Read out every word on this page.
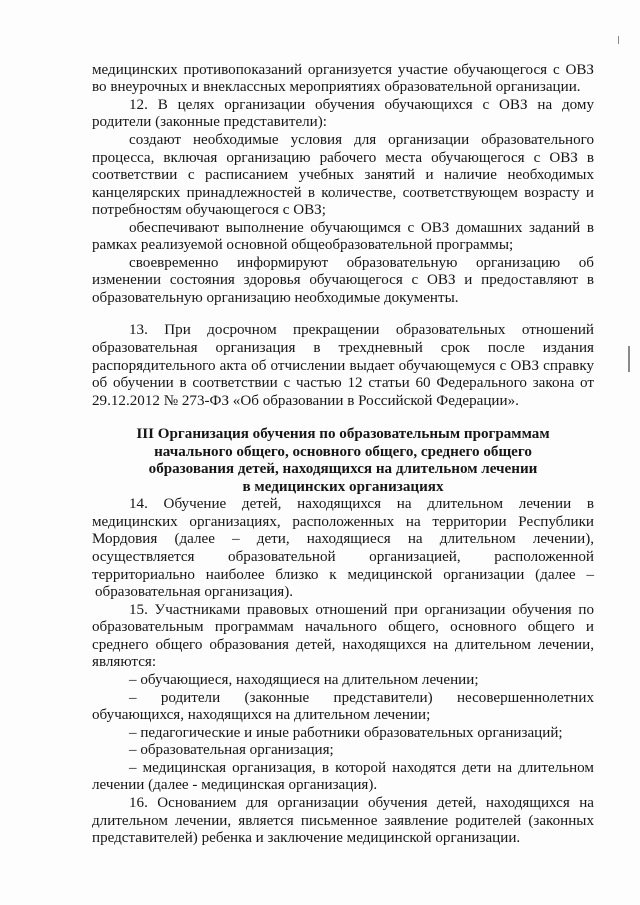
медицинских противопоказаний организуется участие обучающегося с ОВЗ
во внеурочных и внеклассных мероприятиях образовательной организации.
12. В целях организации обучения обучающихся с ОВЗ на дому
родители (законные представители):
создают необходимые условия для организации образовательного
процесса, включая организацию рабочего места обучающегося с ОВЗ в
соответствии с расписанием учебных занятий и наличие необходимых
канцелярских принадлежностей в количестве, соответствующем возрасту и
потребностям обучающегося с ОВЗ;
обеспечивают выполнение обучающимся с ОВЗ домашних заданий в
рамках реализуемой основной общеобразовательной программы;
своевременно информируют образовательную организацию об
изменении состояния здоровья обучающегося с ОВЗ и предоставляют в
образовательную организацию необходимые документы.
13. При досрочном прекращении образовательных отношений
образовательная организация в трехдневный срок после издания
распорядительного акта об отчислении выдает обучающемуся с ОВЗ справку
об обучении в соответствии с частью 12 статьи 60 Федерального закона от
29.12.2012 № 273-ФЗ «Об образовании в Российской Федерации».
III Организация обучения по образовательным программам
начального общего, основного общего, среднего общего
образования детей, находящихся на длительном лечении
в медицинских организациях
14. Обучение детей, находящихся на длительном лечении в
медицинских организациях, расположенных на территории Республики
Мордовия (далее – дети, находящиеся на длительном лечении),
осуществляется образовательной организацией, расположенной
территориально наиболее близко к медицинской организации (далее –
образовательная организация).
15. Участниками правовых отношений при организации обучения по
образовательным программам начального общего, основного общего и
среднего общего образования детей, находящихся на длительном лечении,
являются:
– обучающиеся, находящиеся на длительном лечении;
– родители (законные представители) несовершеннолетних
обучающихся, находящихся на длительном лечении;
– педагогические и иные работники образовательных организаций;
– образовательная организация;
– медицинская организация, в которой находятся дети на длительном
лечении (далее - медицинская организация).
16. Основанием для организации обучения детей, находящихся на
длительном лечении, является письменное заявление родителей (законных
представителей) ребенка и заключение медицинской организации.
